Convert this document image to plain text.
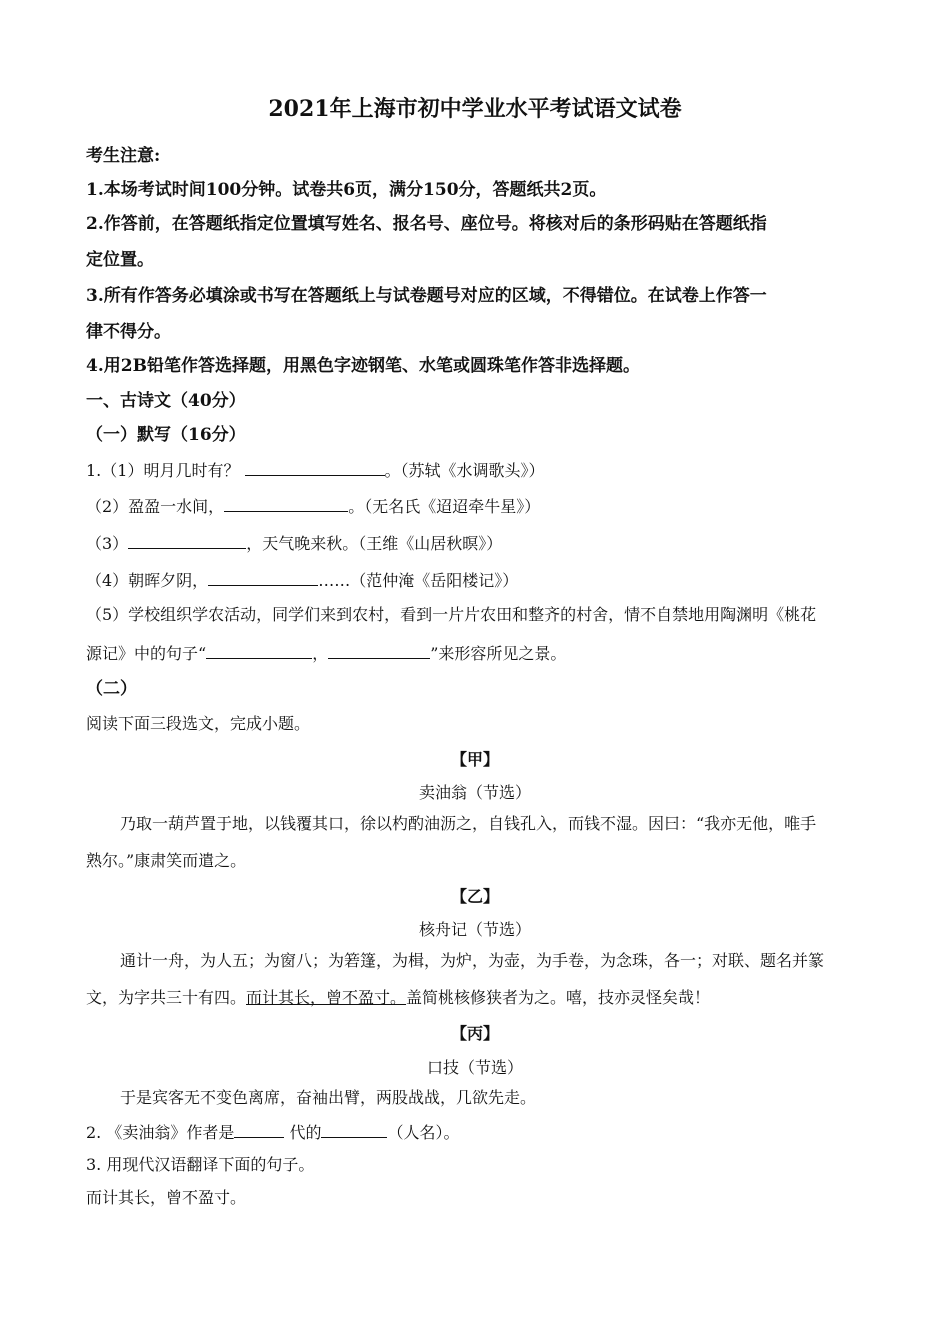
2021年上海市初中学业水平考试语文试卷
考生注意:
1.本场考试时间100分钟。试卷共6页，满分150分，答题纸共2页。
2.作答前，在答题纸指定位置填写姓名、报名号、座位号。将核对后的条形码贴在答题纸指
定位置。
3.所有作答务必填涂或书写在答题纸上与试卷题号对应的区域，不得错位。在试卷上作答一
律不得分。
4.用2B铅笔作答选择题，用黑色字迹钢笔、水笔或圆珠笔作答非选择题。
一、古诗文（40分）
（一）默写（16分）
1.（1）明月几时有？	。（苏轼《水调歌头》）
（2）盈盈一水间，	。（无名氏《迢迢牵牛星》）
（3）	，天气晚来秋。（王维《山居秋暝》）
（4）朝晖夕阴，	……（范仲淹《岳阳楼记》）
（5）学校组织学农活动，同学们来到农村，看到一片片农田和整齐的村舍，情不自禁地用陶渊明《桃花
源记》中的句子“	，	”来形容所见之景。
（二）
阅读下面三段选文，完成小题。
【甲】
卖油翁（节选）
乃取一葫芦置于地，以钱覆其口，徐以杓酌油沥之，自钱孔入，而钱不湿。因曰：“我亦无他，唯手
熟尔。”康肃笑而遣之。
【乙】
核舟记（节选）
通计一舟，为人五；为窗八；为箬篷，为楫，为炉，为壶，为手卷，为念珠，各一；对联、题名并篆
文，为字共三十有四。而计其长，曾不盈寸。盖简桃核修狭者为之。嘻，技亦灵怪矣哉！
【丙】
口技（节选）
于是宾客无不变色离席，奋袖出臂，两股战战，几欲先走。
2. 《卖油翁》作者是	代的	（人名）。
3. 用现代汉语翻译下面的句子。
而计其长，曾不盈寸。
